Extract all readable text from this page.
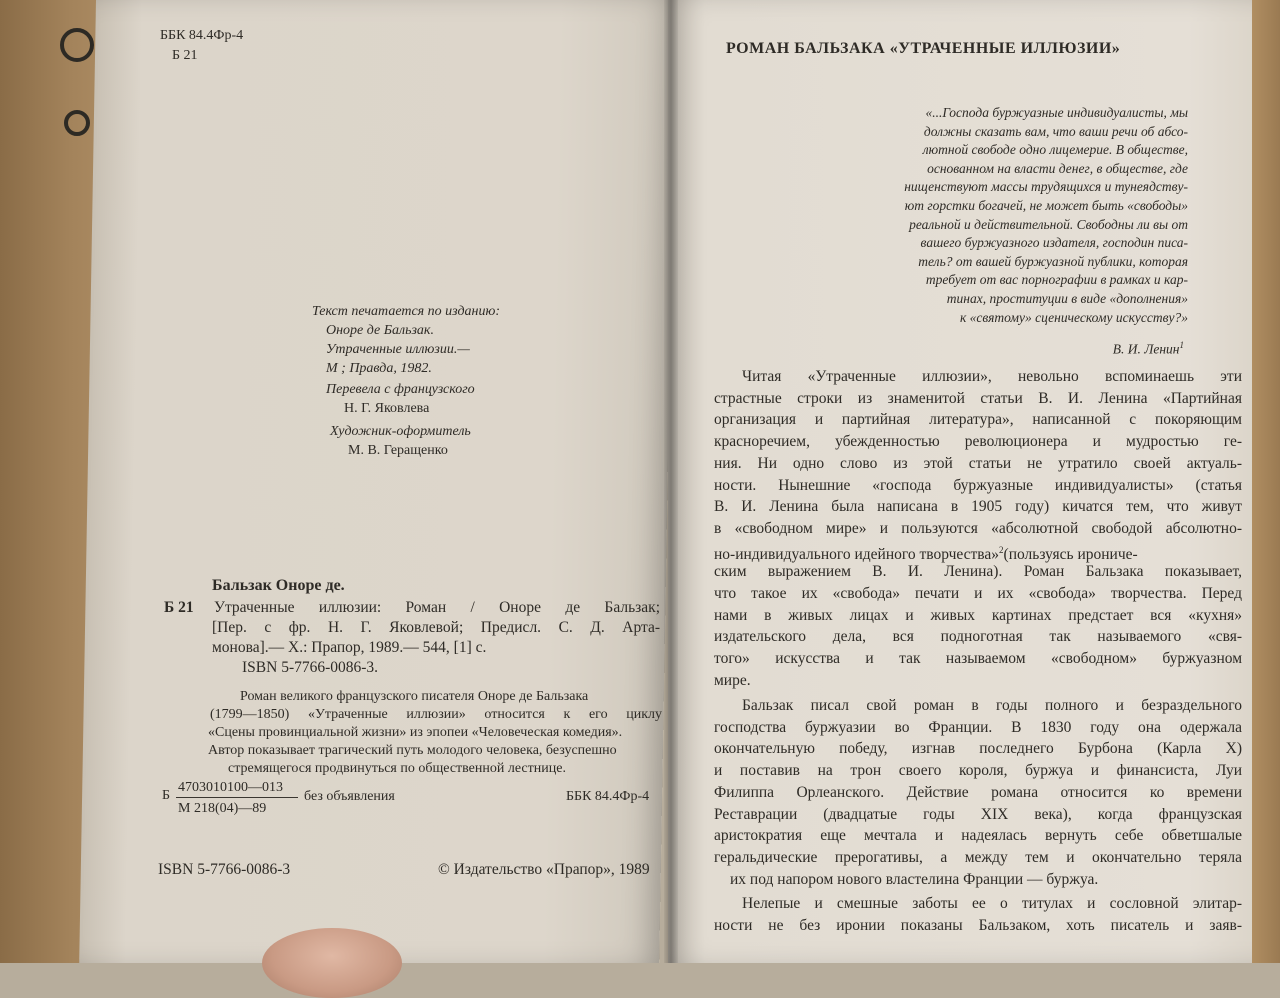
ББК 84.4Фр-4
Б 21
Текст печатается по изданию:
Оноре де Бальзак.
Утраченные иллюзии.—
М ; Правда, 1982.
Перевела с французского
Н. Г. Яковлева
Художник-оформитель
М. В. Геращенко
Бальзак Оноре де.
Б 21 Утраченные иллюзии: Роман / Оноре де Бальзак;
[Пер. с фр. Н. Г. Яковлевой; Предисл. С. Д. Арта-
монова].— Х.: Прапор, 1989.— 544, [1] с.
ISBN 5-7766-0086-3.
Роман великого французского писателя Оноре де Бальзака
(1799—1850) «Утраченные иллюзии» относится к его циклу
«Сцены провинциальной жизни» из эпопеи «Человеческая комедия».
Автор показывает трагический путь молодого человека, безуспешно
стремящегося продвинуться по общественной лестнице.
Б
4703010100—013
М 218(04)—89
без объявления	ББК 84.4Фр-4
ISBN 5-7766-0086-3	© Издательство «Прапор», 1989
РОМАН БАЛЬЗАКА «УТРАЧЕННЫЕ ИЛЛЮЗИИ»
«...Господа буржуазные индивидуалисты, мы
должны сказать вам, что ваши речи об абсо-
лютной свободе одно лицемерие. В обществе,
основанном на власти денег, в обществе, где
нищенствуют массы трудящихся и тунеядству-
ют горстки богачей, не может быть «свободы»
реальной и действительной. Свободны ли вы от
вашего буржуазного издателя, господин писа-
тель? от вашей буржуазной публики, которая
требует от вас порнографии в рамках и кар-
тинах, проституции в виде «дополнения»
к «святому» сценическому искусству?»
В. И. Ленин$^1$
Читая «Утраченные иллюзии», невольно вспоминаешь эти
страстные строки из знаменитой статьи В. И. Ленина «Партийная
организация и партийная литература», написанной с покоряющим
красноречием, убежденностью революционера и мудростью ге-
ния. Ни одно слово из этой статьи не утратило своей актуаль-
ности. Нынешние «господа буржуазные индивидуалисты» (статья
В. И. Ленина была написана в 1905 году) кичатся тем, что живут
в «свободном мире» и пользуются «абсолютной свободой абсолютно-
но-индивидуального идейного творчества»$^2$(пользуясь ирониче-
ским выражением В. И. Ленина). Роман Бальзака показывает,
что такое их «свобода» печати и их «свобода» творчества. Перед
нами в живых лицах и живых картинах предстает вся «кухня»
издательского дела, вся подноготная так называемого «свя-
того» искусства и так называемом «свободном» буржуазном
мире.
Бальзак писал свой роман в годы полного и безраздельного
господства буржуазии во Франции. В 1830 году она одержала
окончательную победу, изгнав последнего Бурбона (Карла X)
и поставив на трон своего короля, буржуа и финансиста, Луи
Филиппа Орлеанского. Действие романа относится ко времени
Реставрации (двадцатые годы XIX века), когда французская
аристократия еще мечтала и надеялась вернуть себе обветшалые
геральдические прерогативы, а между тем и окончательно теряла
их под напором нового властелина Франции — буржуа.
Нелепые и смешные заботы ее о титулах и сословной элитар-
ности не без иронии показаны Бальзаком, хоть писатель и заяв-
